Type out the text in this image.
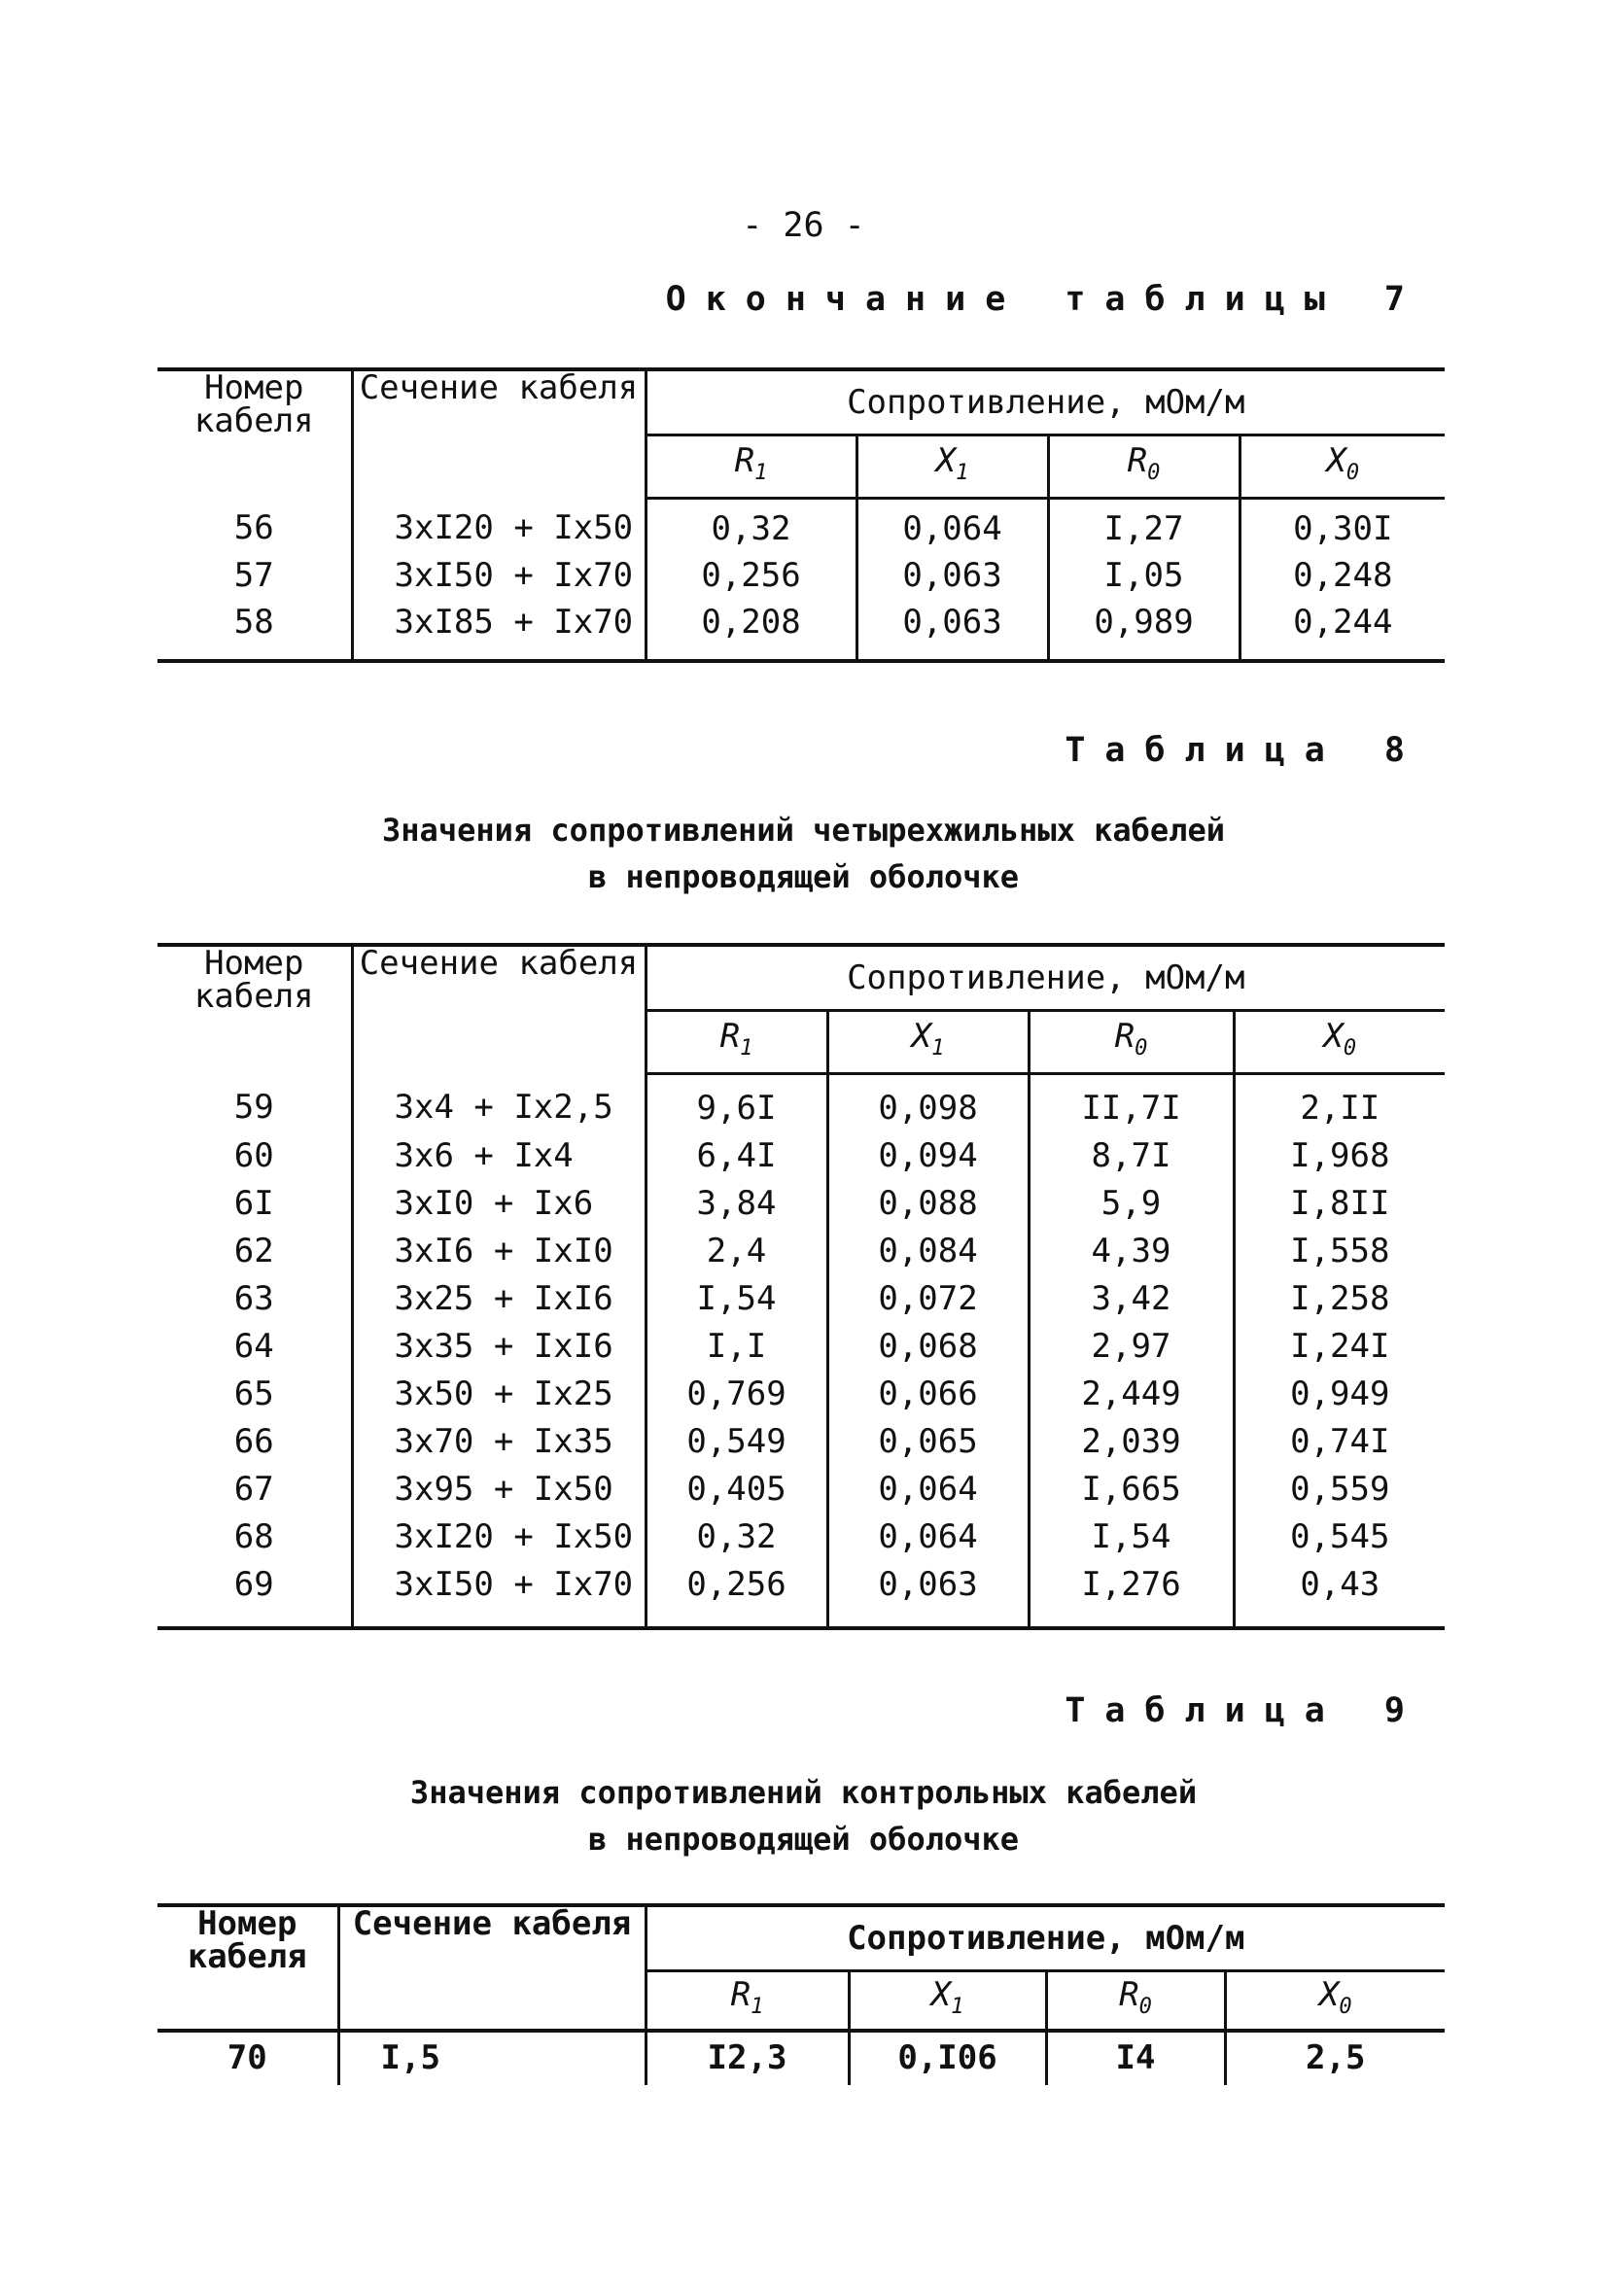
- 26 -
Окончание таблицы 7
Номер кабеля	Сечение кабеля	Сопротивление, мОм/м			
		$R_1$	$X_1$	$R_0$	$X_0$
56	3xI20 + Ix50	0,32	0,064	I,27	0,30I
57	3xI50 + Ix70	0,256	0,063	I,05	0,248
58	3xI85 + Ix70	0,208	0,063	0,989	0,244
Таблица 8
Значения сопротивлений четырехжильных кабелей
в непроводящей оболочке
Номер кабеля	Сечение кабеля	Сопротивление, мОм/м			
		$R_1$	$X_1$	$R_0$	$X_0$
59	3x4 + Ix2,5	9,6I	0,098	II,7I	2,II
60	3x6 + Ix4	6,4I	0,094	8,7I	I,968
6I	3xI0 + Ix6	3,84	0,088	5,9	I,8II
62	3xI6 + IxI0	2,4	0,084	4,39	I,558
63	3x25 + IxI6	I,54	0,072	3,42	I,258
64	3x35 + IxI6	I,I	0,068	2,97	I,24I
65	3x50 + Ix25	0,769	0,066	2,449	0,949
66	3x70 + Ix35	0,549	0,065	2,039	0,74I
67	3x95 + Ix50	0,405	0,064	I,665	0,559
68	3xI20 + Ix50	0,32	0,064	I,54	0,545
69	3xI50 + Ix70	0,256	0,063	I,276	0,43
Таблица 9
Значения сопротивлений контрольных кабелей
в непроводящей оболочке
Номер кабеля	Сечение кабеля	Сопротивление, мОм/м			
		$R_1$	$X_1$	$R_0$	$X_0$
70	I,5	I2,3	0,I06	I4	2,5
